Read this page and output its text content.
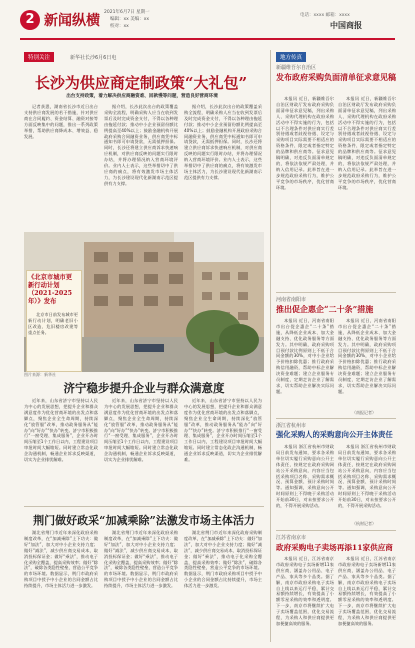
2 新闻纵横
2021年6月7日 星期一
编辑：xx 美编：xx
校对：xx
电话：xxxx 邮箱：xxxx
中国商报
特别关注	新华社长沙6月6日电
长沙为供应商定制政策“大礼包”
出台支持政策，着力解决供应商融资难、回款慢等问题，营造良好营商环境

记者获悉，湖南省长沙市近日出台支持供应商发展的若干措施，针对供应商在合同履约、资金结算、融资对接等方面反映集中的问题，推出一系列政策举措，帮助供应商降成本、增效益、稳发展。

据介绍，长沙此次出台的政策覆盖采购全流程，明确采购人应当在收到发票后及时完成资金支付，不得以各种理由拖延付款；推动中小企业预留份额比例提高至40%以上；鼓励金融机构开展政府采购合同融资业务，供应商凭中标通知书即可申请贷款，无需抵押担保。同时，长沙还将建立供应商诉求快速响应机制，对供应商反映的问题实行限时办结，并将办理情况纳入营商环境评价。业内人士表示，这些举措切中了供应商的痛点，将有效激发市场主体活力，为长沙建设现代化新湖南示范区提供有力支撑。

据介绍，长沙此次出台的政策覆盖采购全流程，明确采购人应当在收到发票后及时完成资金支付，不得以各种理由拖延付款；推动中小企业预留份额比例提高至40%以上；鼓励金融机构开展政府采购合同融资业务，供应商凭中标通知书即可申请贷款，无需抵押担保。同时，长沙还将建立供应商诉求快速响应机制，对供应商反映的问题实行限时办结，并将办理情况纳入营商环境评价。业内人士表示，这些举措切中了供应商的痛点，将有效激发市场主体活力，为长沙建设现代化新湖南示范区提供有力支撑。

《北京市城市更新行动计划（2021-2025年）》发布

北京市日前发布城市更新行动计划，明确老旧小区改造、危旧楼房改建等重点任务。

图片来源：新华社
济宁稳步提升企业与群众满意度

近年来，山东省济宁市坚持以人民为中心的发展思想，把提升企业和群众满意度作为优化营商环境的出发点和落脚点，聚焦企业全生命周期，持续深化“放管服”改革，推动政务服务从“能办”向“好办”“快办”转变。济宁市积极推行“一窗受理、集成服务”，企业开办时间压缩至1个工作日以内，工程建设项目审批时间大幅缩短。同时建立常态化政企沟通机制，畅通企业诉求反映渠道，切实为企业排忧解难。

近年来，山东省济宁市坚持以人民为中心的发展思想，把提升企业和群众满意度作为优化营商环境的出发点和落脚点，聚焦企业全生命周期，持续深化“放管服”改革，推动政务服务从“能办”向“好办”“快办”转变。济宁市积极推行“一窗受理、集成服务”，企业开办时间压缩至1个工作日以内，工程建设项目审批时间大幅缩短。同时建立常态化政企沟通机制，畅通企业诉求反映渠道，切实为企业排忧解难。

近年来，山东省济宁市坚持以人民为中心的发展思想，把提升企业和群众满意度作为优化营商环境的出发点和落脚点，聚焦企业全生命周期，持续深化“放管服”改革，推动政务服务从“能办”向“好办”“快办”转变。济宁市积极推行“一窗受理、集成服务”，企业开办时间压缩至1个工作日以内，工程建设项目审批时间大幅缩短。同时建立常态化政企沟通机制，畅通企业诉求反映渠道，切实为企业排忧解难。

荆门做好政采“加减乘除”法激发市场主体活力

湖北省荆门市近年来深化政府采购制度改革，在“加减乘除”上下功夫：做好“加法”，加大对中小企业支持力度；做好“减法”，减少供应商交易成本，取消投标保证金；做好“乘法”，推动电子化采购全覆盖，提高采购效率；做好“除法”，破除各类隐性壁垒，营造公平竞争的市场环境。数据显示，荆门市政府采购项目中授予中小企业的合同金额占比持续提升，市场主体活力进一步激发。

湖北省荆门市近年来深化政府采购制度改革，在“加减乘除”上下功夫：做好“加法”，加大对中小企业支持力度；做好“减法”，减少供应商交易成本，取消投标保证金；做好“乘法”，推动电子化采购全覆盖，提高采购效率；做好“除法”，破除各类隐性壁垒，营造公平竞争的市场环境。数据显示，荆门市政府采购项目中授予中小企业的合同金额占比持续提升，市场主体活力进一步激发。

湖北省荆门市近年来深化政府采购制度改革，在“加减乘除”上下功夫：做好“加法”，加大对中小企业支持力度；做好“减法”，减少供应商交易成本，取消投标保证金；做好“乘法”，推动电子化采购全覆盖，提高采购效率；做好“除法”，破除各类隐性壁垒，营造公平竞争的市场环境。数据显示，荆门市政府采购项目中授予中小企业的合同金额占比持续提升，市场主体活力进一步激发。

地方传真
新疆维吾尔自治区
发布政府采购负面清单征求意见稿

本报讯 近日，新疆维吾尔自治区财政厅发布政府采购负面清单征求意见稿，列出采购人、采购代理机构在政府采购活动中不得实施的行为，包括以不合理条件对供应商实行差别待遇或者歧视待遇、设定与采购项目实际需要不相适应的资格条件、限定或者指定特定的品牌和供应商等。征求意见稿明确，对违反负面清单规定的，将依法依规严肃处理，并纳入信用记录。此举旨在进一步规范政府采购行为，维护公平竞争的市场秩序，优化营商环境。

本报讯 近日，新疆维吾尔自治区财政厅发布政府采购负面清单征求意见稿，列出采购人、采购代理机构在政府采购活动中不得实施的行为，包括以不合理条件对供应商实行差别待遇或者歧视待遇、设定与采购项目实际需要不相适应的资格条件、限定或者指定特定的品牌和供应商等。征求意见稿明确，对违反负面清单规定的，将依法依规严肃处理，并纳入信用记录。此举旨在进一步规范政府采购行为，维护公平竞争的市场秩序，优化营商环境。

河南省南阳市
推出促企惠企“二十条”措施

本报讯 近日，河南省南阳市出台促企惠企“二十条”措施，从降低企业成本、加大金融支持、优化政务服务等方面发力。其中明确，政府采购项目预付款比例原则上不低于合同金额的30%，对中小企业给予价格扣除优惠；推行政府采购信用融资，帮助中标企业解决资金难题；建立企业服务专员制度，定期走访企业了解需求，切实帮助企业解决实际问题。

本报讯 近日，河南省南阳市出台促企惠企“二十条”措施，从降低企业成本、加大金融支持、优化政务服务等方面发力。其中明确，政府采购项目预付款比例原则上不低于合同金额的30%，对中小企业给予价格扣除优惠；推行政府采购信用融资，帮助中标企业解决资金难题；建立企业服务专员制度，定期走访企业了解需求，切实帮助企业解决实际问题。

（南报记者）
浙江省杭州市
强化采购人的采购意向公开主体责任

本报讯 浙江省杭州市财政局日前发布通知，要求各采购单位切实履行采购意向公开主体责任，按规定在政府采购网站公开采购意向，内容应当包括采购项目名称、采购需求概况、预算金额、预计采购时间等。通知强调，采购意向公开时间原则上不得晚于采购活动开始前30日，对未按要求公开的，不得开展采购活动。

本报讯 浙江省杭州市财政局日前发布通知，要求各采购单位切实履行采购意向公开主体责任，按规定在政府采购网站公开采购意向，内容应当包括采购项目名称、采购需求概况、预算金额、预计采购时间等。通知强调，采购意向公开时间原则上不得晚于采购活动开始前30日，对未按要求公开的，不得开展采购活动。

（杭财记者）
江苏省南京市
政府采购电子卖场再添11家供应商

本报讯 近日，江苏省南京市政府采购电子卖场新增11家供应商，涵盖办公用品、电子产品、家具等多个品类。据了解，南京市政府采购电子卖场自上线以来运行平稳，累计交易额持续增长，有效提高了小额零星采购的效率和透明度。下一步，南京市将继续扩大电子卖场覆盖范围，优化交易流程，为采购人和供应商提供更加便捷高效的服务。

本报讯 近日，江苏省南京市政府采购电子卖场新增11家供应商，涵盖办公用品、电子产品、家具等多个品类。据了解，南京市政府采购电子卖场自上线以来运行平稳，累计交易额持续增长，有效提高了小额零星采购的效率和透明度。下一步，南京市将继续扩大电子卖场覆盖范围，优化交易流程，为采购人和供应商提供更加便捷高效的服务。
